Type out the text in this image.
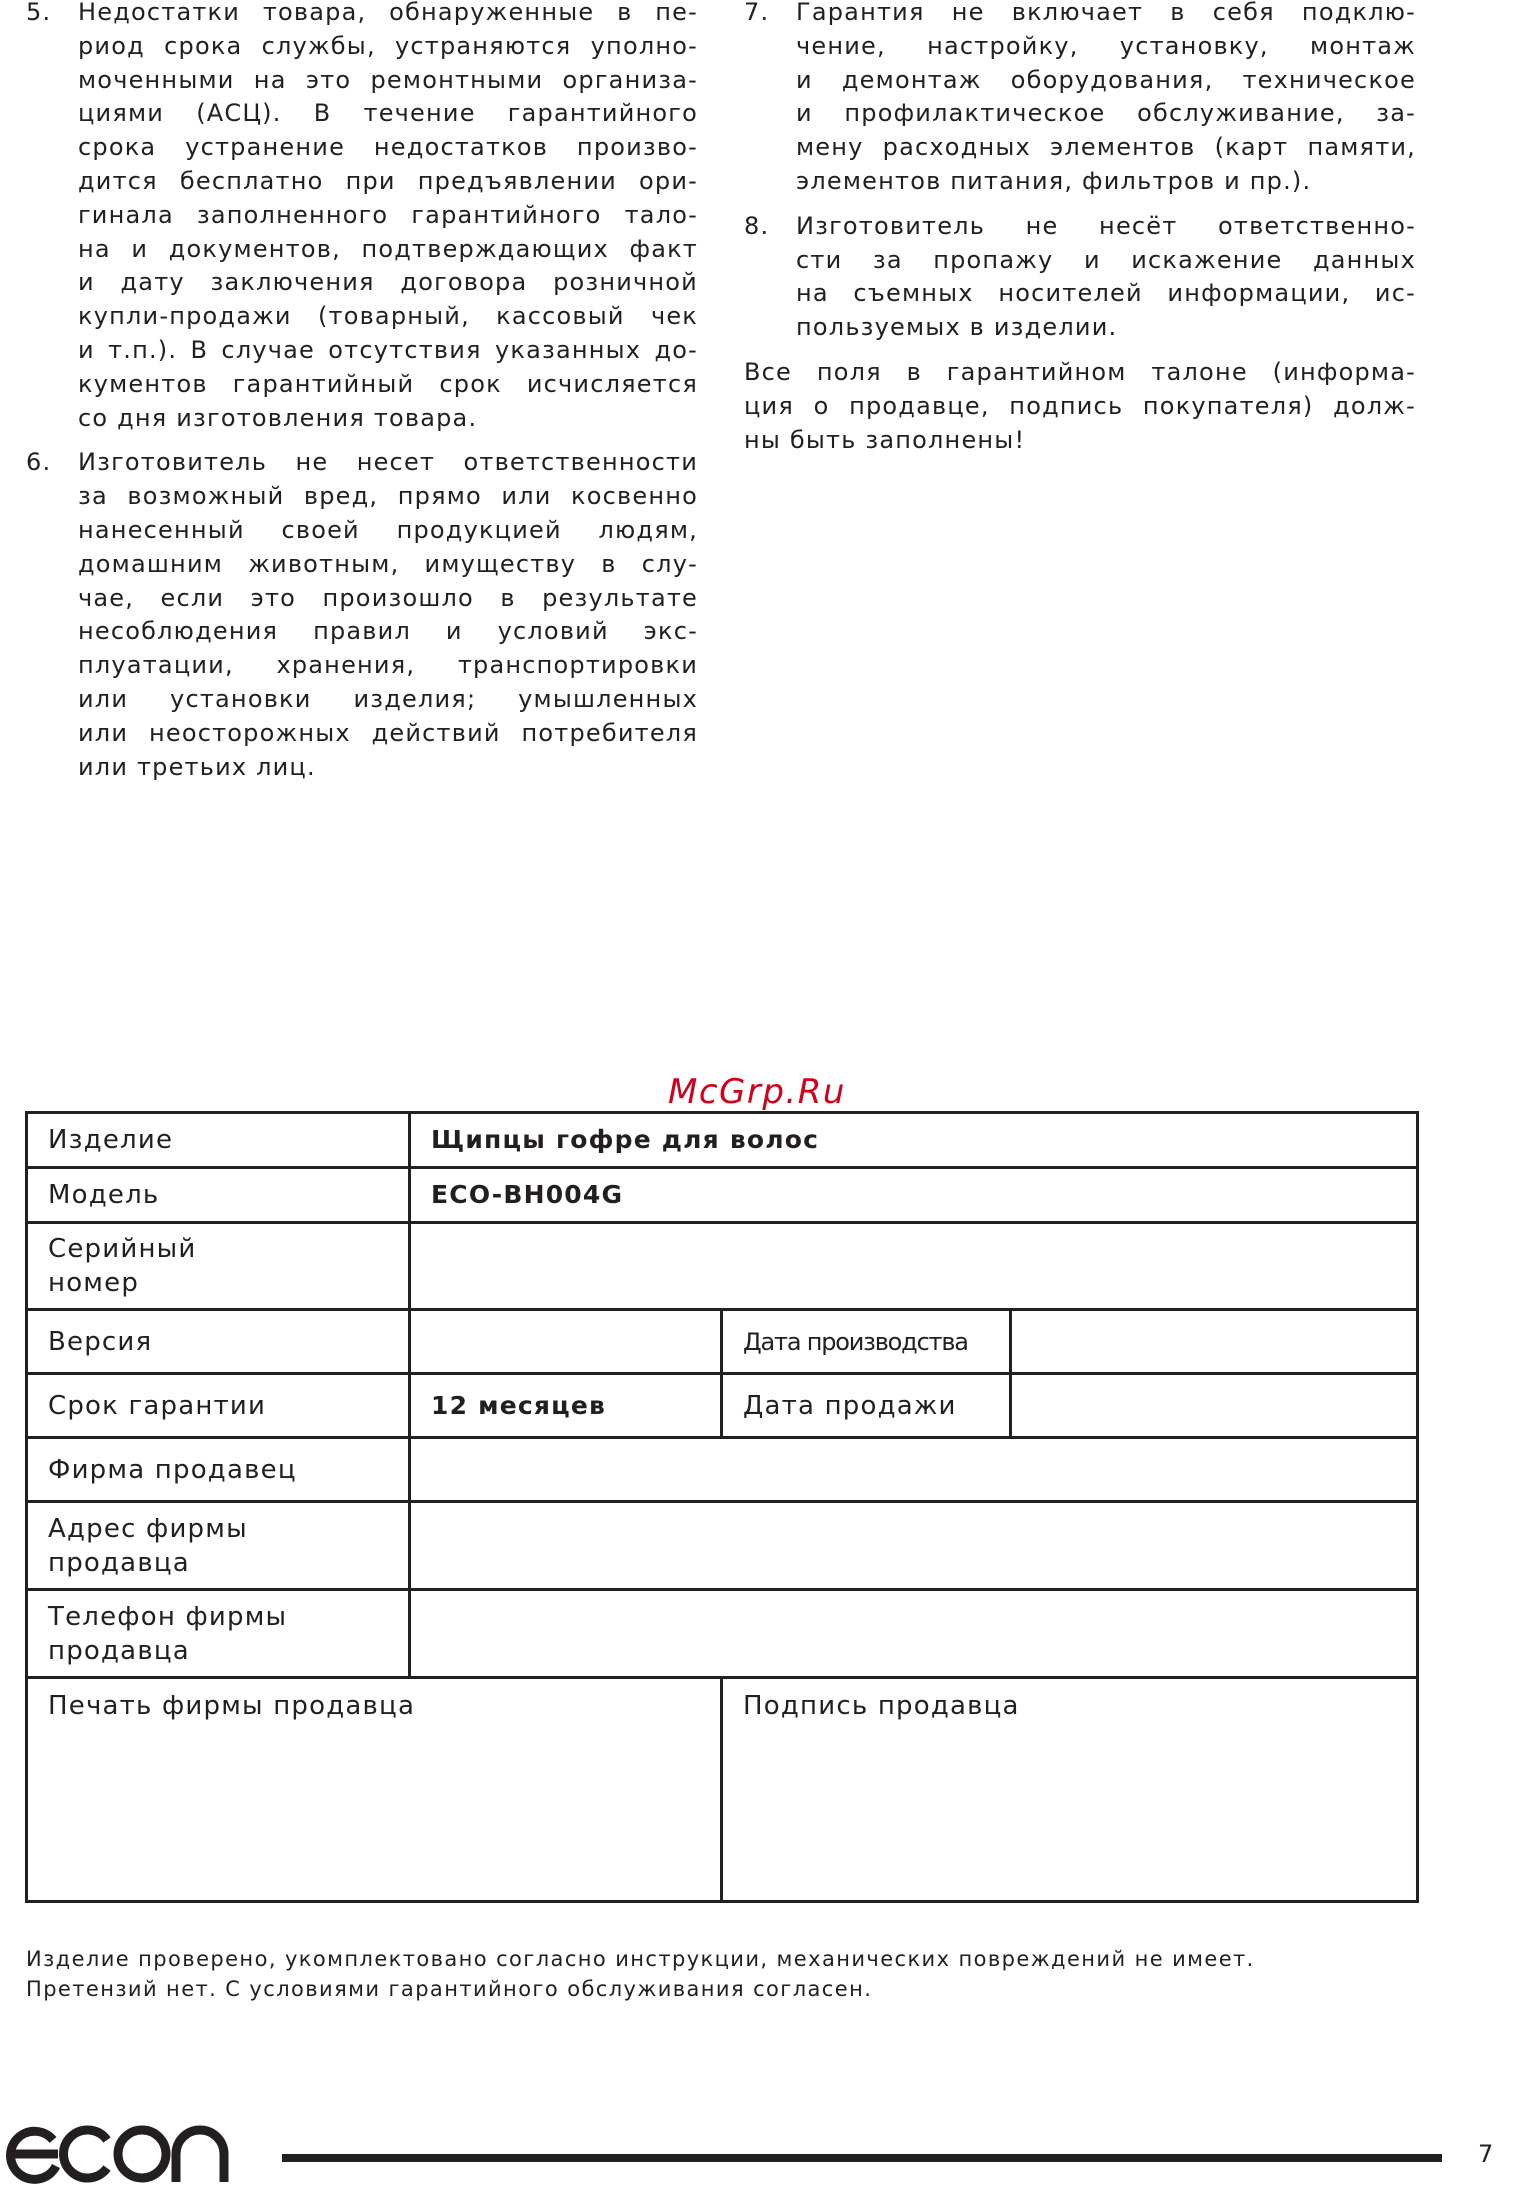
5. Недостатки товара, обнаруженные в пе-
риод срока службы, устраняются уполно-
моченными на это ремонтными организа-
циями (АСЦ). В течение гарантийного
срока устранение недостатков произво-
дится бесплатно при предъявлении ори-
гинала заполненного гарантийного тало-
на и документов, подтверждающих факт
и дату заключения договора розничной
купли-продажи (товарный, кассовый чек
и т.п.). В случае отсутствия указанных до-
кументов гарантийный срок исчисляется
со дня изготовления товара.
6. Изготовитель не несет ответственности
за возможный вред, прямо или косвенно
нанесенный своей продукцией людям,
домашним животным, имуществу в слу-
чае, если это произошло в результате
несоблюдения правил и условий экс-
плуатации, хранения, транспортировки
или установки изделия; умышленных
или неосторожных действий потребителя
или третьих лиц.
7. Гарантия не включает в себя подклю-
чение, настройку, установку, монтаж
и демонтаж оборудования, техническое
и профилактическое обслуживание, за-
мену расходных элементов (карт памяти,
элементов питания, фильтров и пр.).
8. Изготовитель не несёт ответственно-
сти за пропажу и искажение данных
на съемных носителей информации, ис-
пользуемых в изделии.
Все поля в гарантийном талоне (информа-
ция о продавце, подпись покупателя) долж-
ны быть заполнены!
McGrp.Ru
Изделие	Щипцы гофре для волос		
Модель	ECO-BH004G		
Серийный
номер			
Версия		Дата производства	
Срок гарантии	12 месяцев	Дата продажи	
Фирма продавец			
Адрес фирмы
продавца			
Телефон фирмы
продавца			
Печать фирмы продавца		Подпись продавца	
Изделие проверено, укомплектовано согласно инструкции, механических повреждений не имеет.
Претензий нет. С условиями гарантийного обслуживания согласен.
econ
7
